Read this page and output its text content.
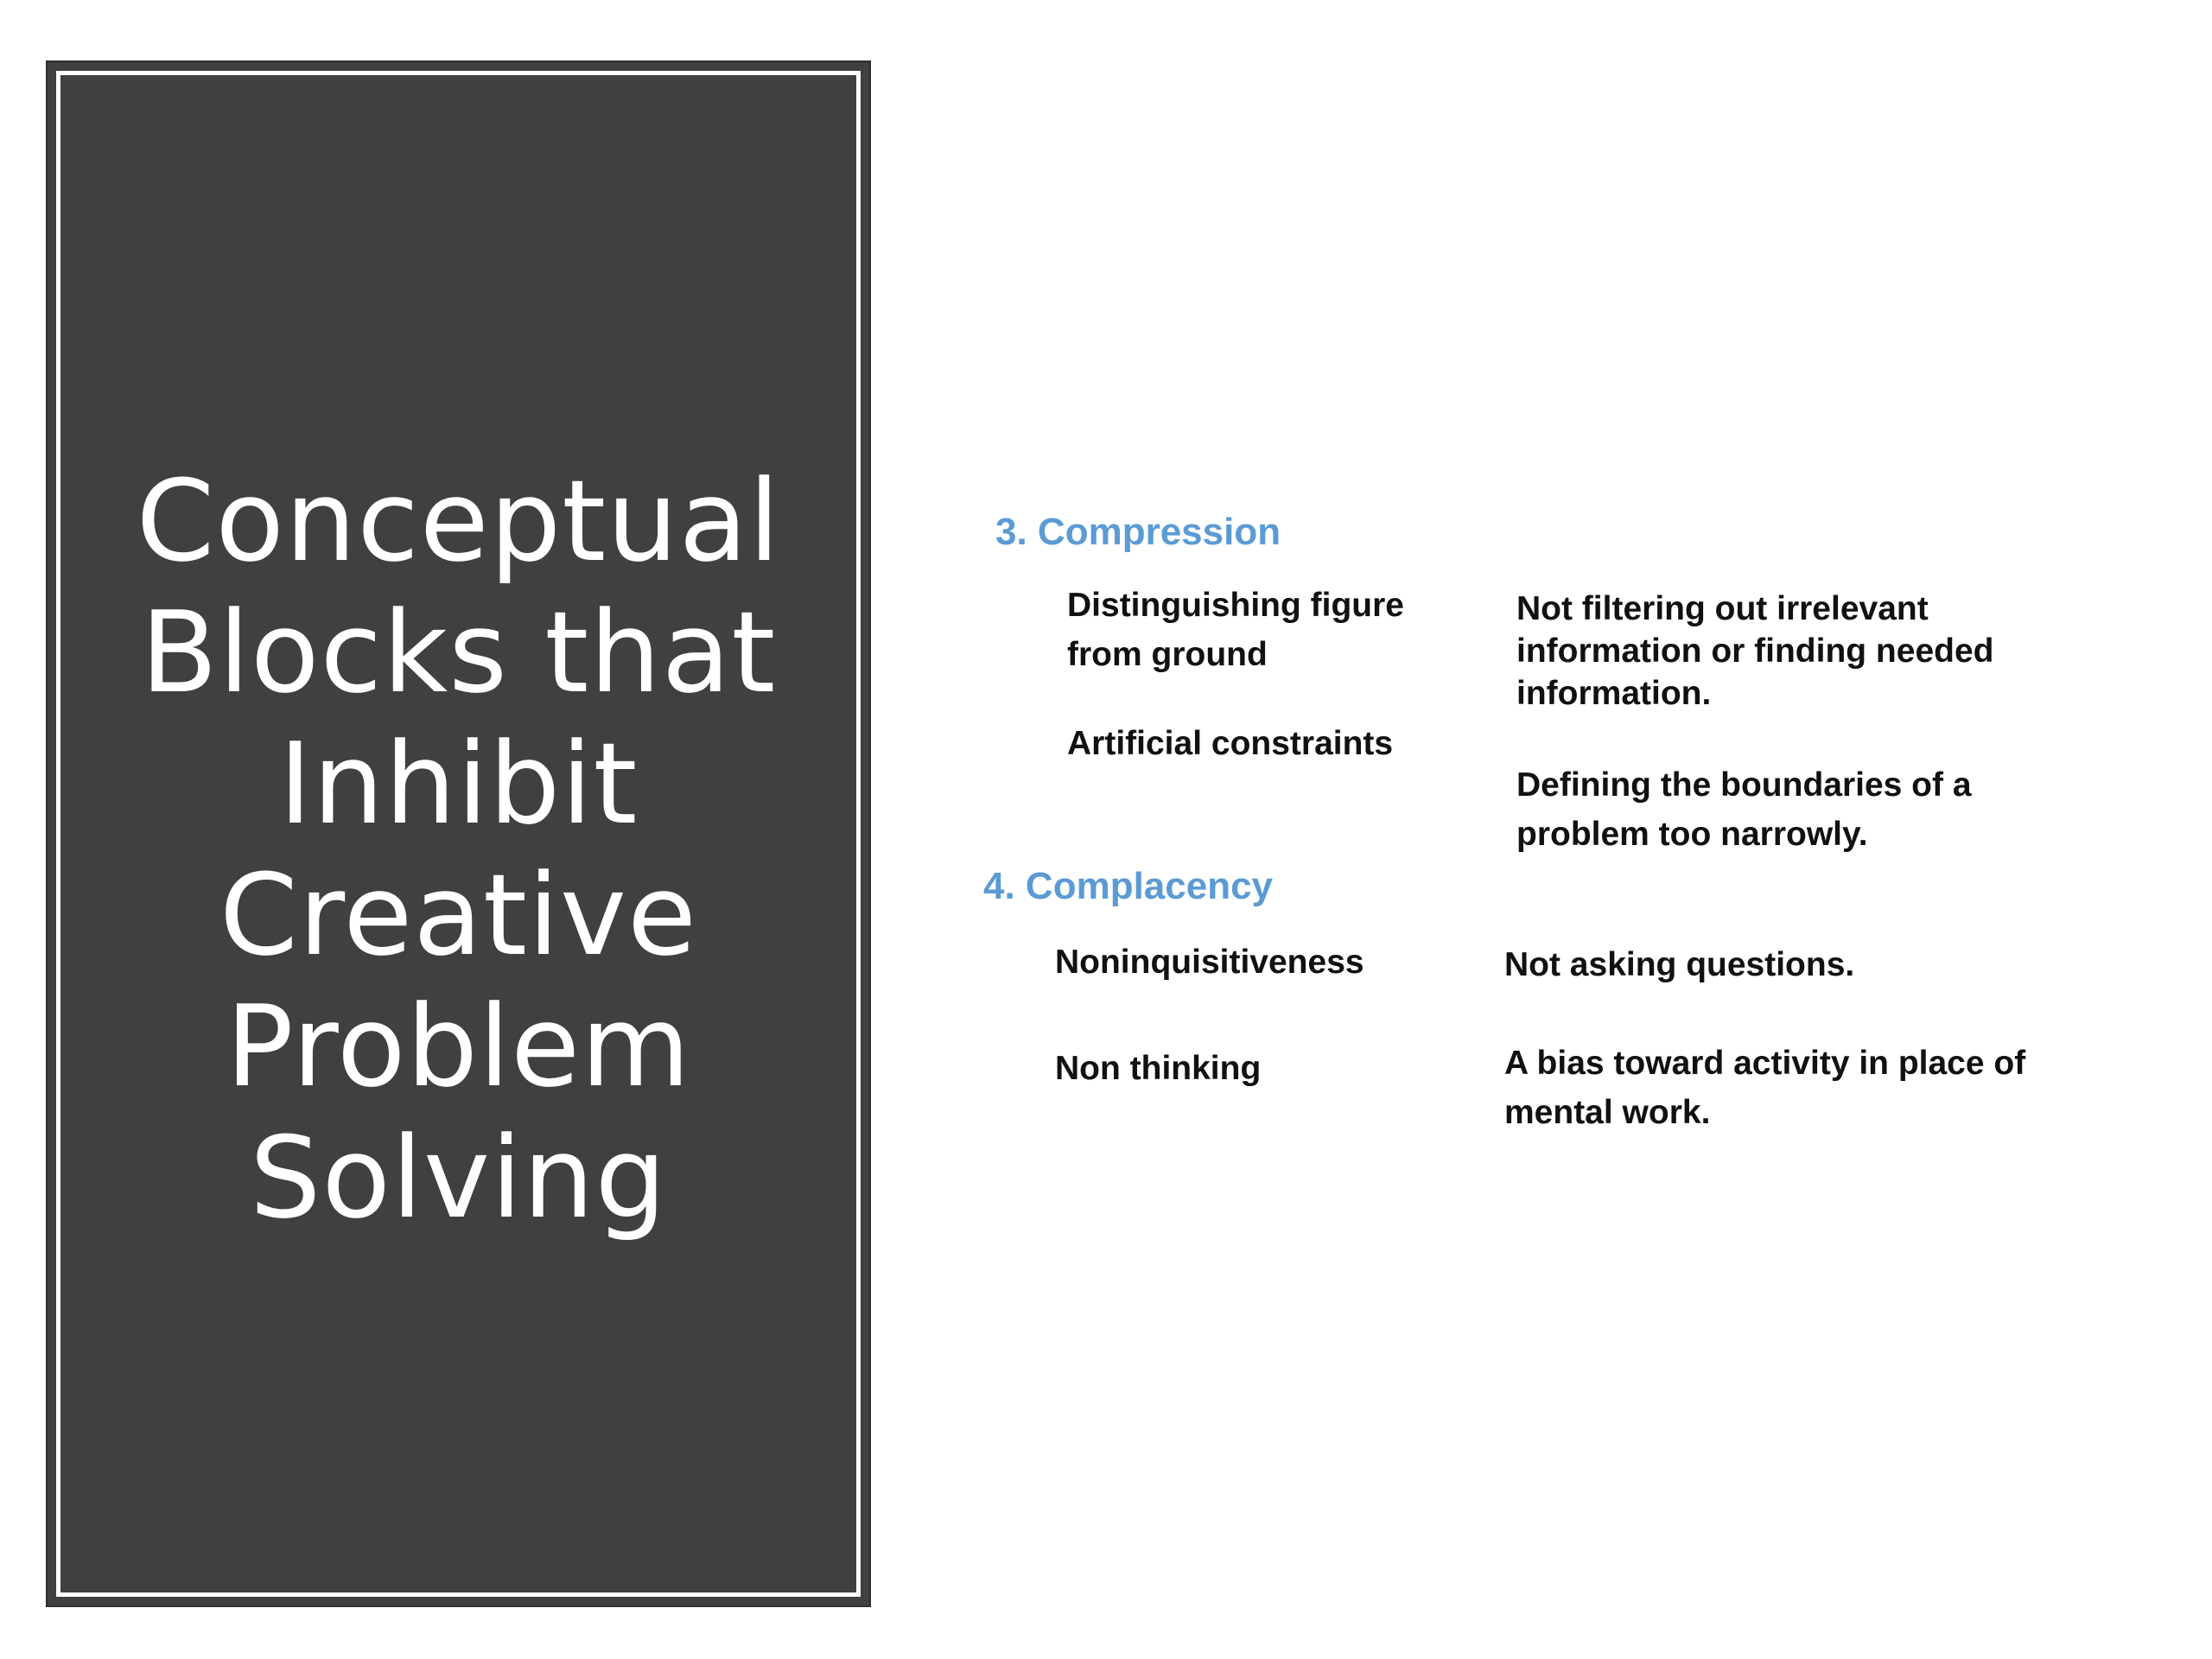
Conceptual
Blocks that
Inhibit
Creative
Problem
Solving
3. Compression

Distinguishing figure from ground

Not filtering out irrelevant information or finding needed information.

Artificial constraints

Defining the boundaries of a problem too narrowly.

4. Complacency

Noninquisitiveness	Not asking questions.

Non thinking	A bias toward activity in place of mental work.
